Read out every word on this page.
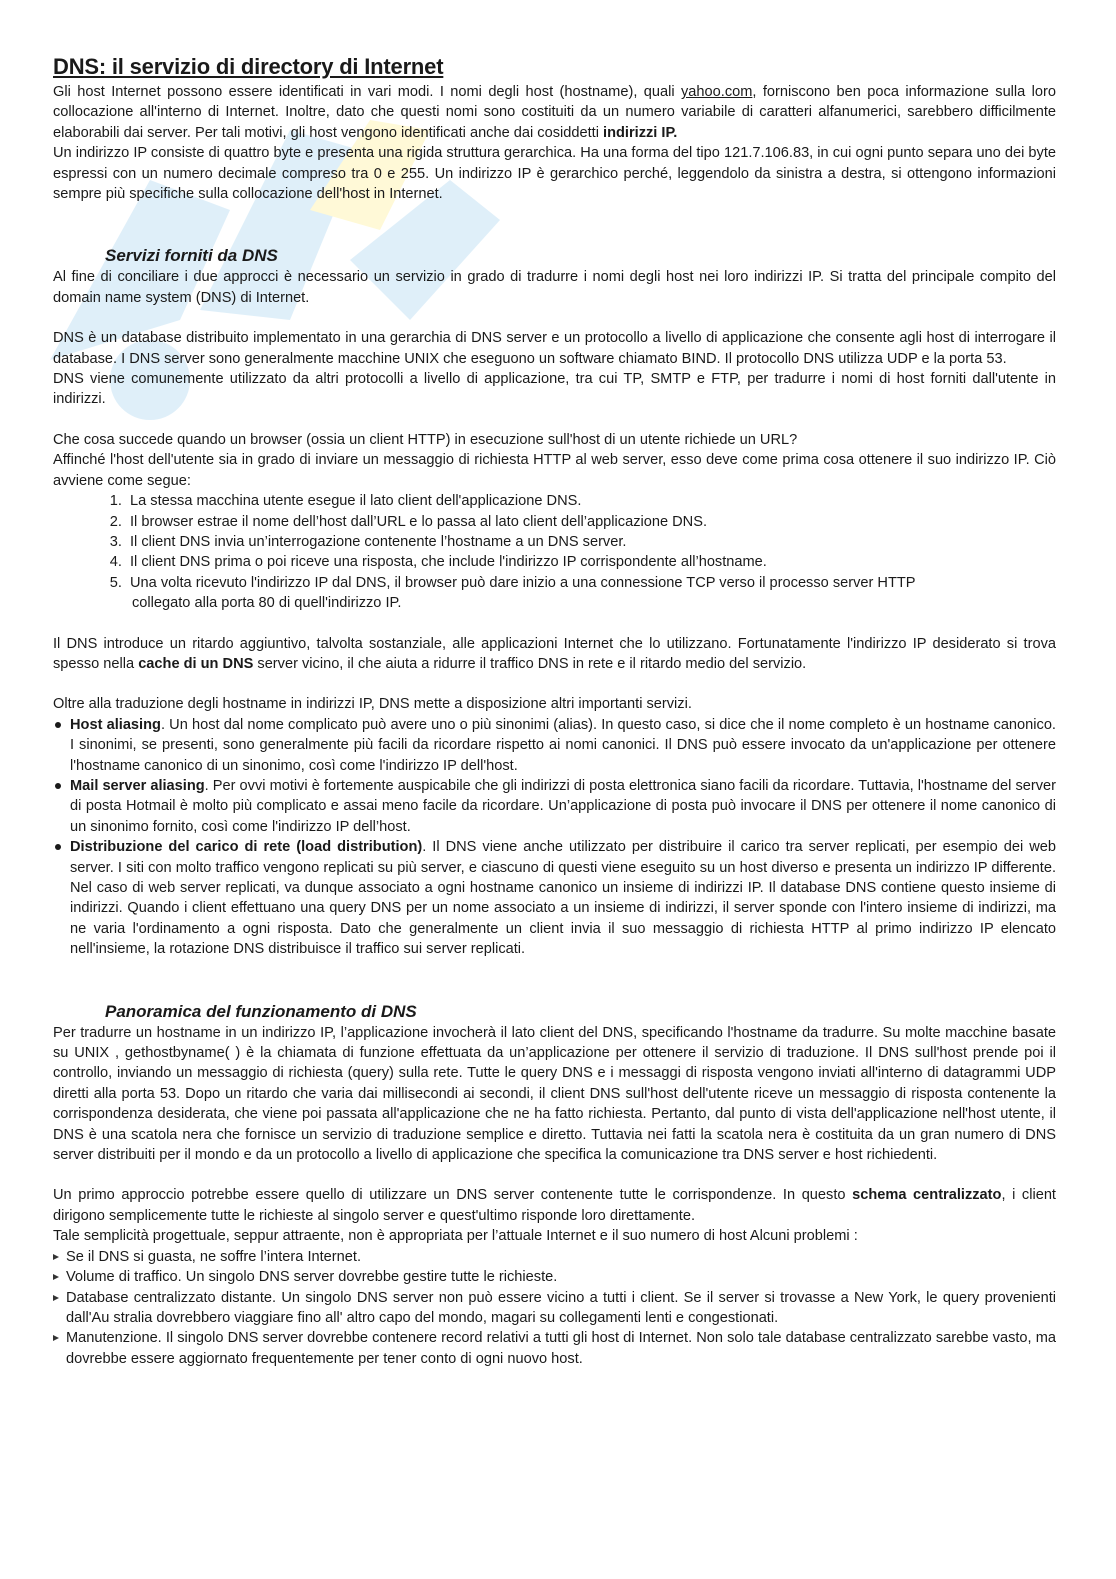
DNS: il servizio di directory di Internet

Gli host Internet possono essere identificati in vari modi. I nomi degli host (hostname), quali yahoo.com, forniscono ben poca informazione sulla loro collocazione all'interno di Internet. Inoltre, dato che questi nomi sono costituiti da un numero variabile di caratteri alfanumerici, sarebbero difficilmente elaborabili dai server. Per tali motivi, gli host vengono identificati anche dai cosiddetti indirizzi IP.

Un indirizzo IP consiste di quattro byte e presenta una rigida struttura gerarchica. Ha una forma del tipo 121.7.106.83, in cui ogni punto separa uno dei byte espressi con un numero decimale compreso tra 0 e 255. Un indirizzo IP è gerarchico perché, leggendolo da sinistra a destra, si ottengono informazioni sempre più specifiche sulla collocazione dell'host in Internet.

Servizi forniti da DNS

Al fine di conciliare i due approcci è necessario un servizio in grado di tradurre i nomi degli host nei loro indirizzi IP. Si tratta del principale compito del domain name system (DNS) di Internet.

DNS è un database distribuito implementato in una gerarchia di DNS server e un protocollo a livello di applicazione che consente agli host di interrogare il database. I DNS server sono generalmente macchine UNIX che eseguono un software chiamato BIND. Il protocollo DNS utilizza UDP e la porta 53.

DNS viene comunemente utilizzato da altri protocolli a livello di applicazione, tra cui TP, SMTP e FTP, per tradurre i nomi di host forniti dall'utente in indirizzi.

Che cosa succede quando un browser (ossia un client HTTP) in esecuzione sull'host di un utente richiede un URL?

Affinché l'host dell'utente sia in grado di inviare un messaggio di richiesta HTTP al web server, esso deve come prima cosa ottenere il suo indirizzo IP. Ciò avviene come segue:

1. La stessa macchina utente esegue il lato client dell'applicazione DNS.
2. Il browser estrae il nome dell’host dall’URL e lo passa al lato client dell’applicazione DNS.
3. Il client DNS invia un’interrogazione contenente l’hostname a un DNS server.
4. Il client DNS prima o poi riceve una risposta, che include l'indirizzo IP corrispondente all’hostname.
5. Una volta ricevuto l'indirizzo IP dal DNS, il browser può dare inizio a una connessione TCP verso il processo server HTTP
collegato alla porta 80 di quell'indirizzo IP.

Il DNS introduce un ritardo aggiuntivo, talvolta sostanziale, alle applicazioni Internet che lo utilizzano. Fortunatamente l'indirizzo IP desiderato si trova spesso nella cache di un DNS server vicino, il che aiuta a ridurre il traffico DNS in rete e il ritardo medio del servizio.

Oltre alla traduzione degli hostname in indirizzi IP, DNS mette a disposizione altri importanti servizi.

Host aliasing. Un host dal nome complicato può avere uno o più sinonimi (alias). In questo caso, si dice che il nome completo è un hostname canonico. I sinonimi, se presenti, sono generalmente più facili da ricordare rispetto ai nomi canonici. Il DNS può essere invocato da un'applicazione per ottenere l'hostname canonico di un sinonimo, così come l'indirizzo IP dell'host.
Mail server aliasing. Per ovvi motivi è fortemente auspicabile che gli indirizzi di posta elettronica siano facili da ricordare. Tuttavia, l'hostname del server di posta Hotmail è molto più complicato e assai meno facile da ricordare. Un’applicazione di posta può invocare il DNS per ottenere il nome canonico di un sinonimo fornito, così come l'indirizzo IP dell’host.
Distribuzione del carico di rete (load distribution). Il DNS viene anche utilizzato per distribuire il carico tra server replicati, per esempio dei web server. I siti con molto traffico vengono replicati su più server, e ciascuno di questi viene eseguito su un host diverso e presenta un indirizzo IP differente. Nel caso di web server replicati, va dunque associato a ogni hostname canonico un insieme di indirizzi IP. Il database DNS contiene questo insieme di indirizzi. Quando i client effettuano una query DNS per un nome associato a un insieme di indirizzi, il server sponde con l'intero insieme di indirizzi, ma ne varia l'ordinamento a ogni risposta. Dato che generalmente un client invia il suo messaggio di richiesta HTTP al primo indirizzo IP elencato nell'insieme, la rotazione DNS distribuisce il traffico sui server replicati.
Panoramica del funzionamento di DNS

Per tradurre un hostname in un indirizzo IP, l’applicazione invocherà il lato client del DNS, specificando l'hostname da tradurre. Su molte macchine basate su UNIX , gethostbyname( ) è la chiamata di funzione effettuata da un’applicazione per ottenere il servizio di traduzione. Il DNS sull'host prende poi il controllo, inviando un messaggio di richiesta (query) sulla rete. Tutte le query DNS e i messaggi di risposta vengono inviati all'interno di datagrammi UDP diretti alla porta 53. Dopo un ritardo che varia dai millisecondi ai secondi, il client DNS sull'host dell'utente riceve un messaggio di risposta contenente la corrispondenza desiderata, che viene poi passata all'applicazione che ne ha fatto richiesta. Pertanto, dal punto di vista dell'applicazione nell'host utente, il DNS è una scatola nera che fornisce un servizio di traduzione semplice e diretto. Tuttavia nei fatti la scatola nera è costituita da un gran numero di DNS server distribuiti per il mondo e da un protocollo a livello di applicazione che specifica la comunicazione tra DNS server e host richiedenti.

Un primo approccio potrebbe essere quello di utilizzare un DNS server contenente tutte le corrispondenze. In questo schema centralizzato, i client dirigono semplicemente tutte le richieste al singolo server e quest'ultimo risponde loro direttamente.

Tale semplicità progettuale, seppur attraente, non è appropriata per l’attuale Internet e il suo numero di host Alcuni problemi :

Se il DNS si guasta, ne soffre l’intera Internet.
Volume di traffico. Un singolo DNS server dovrebbe gestire tutte le richieste.
Database centralizzato distante. Un singolo DNS server non può essere vicino a tutti i client. Se il server si trovasse a New York, le query provenienti dall'Au stralia dovrebbero viaggiare fino all' altro capo del mondo, magari su collegamenti lenti e congestionati.
Manutenzione. Il singolo DNS server dovrebbe contenere record relativi a tutti gli host di Internet. Non solo tale database centralizzato sarebbe vasto, ma dovrebbe essere aggiornato frequentemente per tener conto di ogni nuovo host.
